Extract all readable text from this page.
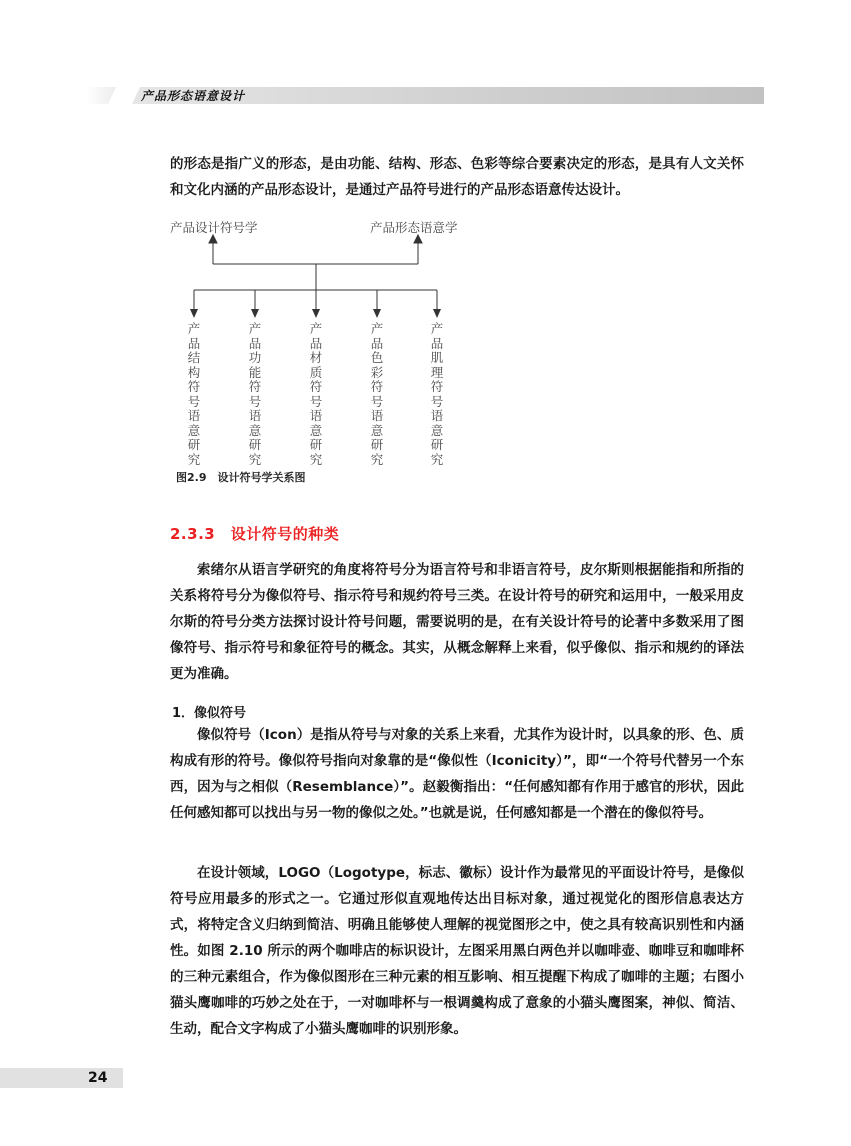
产品形态语意设计

的形态是指广义的形态，是由功能、结构、形态、色彩等综合要素决定的形态，是具有人文关怀和文化内涵的产品形态设计，是通过产品符号进行的产品形态语意传达设计。

产品设计符号学	产品形态语意学
产品结构符号语意研究
产品功能符号语意研究
产品材质符号语意研究
产品色彩符号语意研究
产品肌理符号语意研究
图2.9　设计符号学关系图
2.3.3　设计符号的种类

索绪尔从语言学研究的角度将符号分为语言符号和非语言符号，皮尔斯则根据能指和所指的关系将符号分为像似符号、指示符号和规约符号三类。在设计符号的研究和运用中，一般采用皮尔斯的符号分类方法探讨设计符号问题，需要说明的是，在有关设计符号的论著中多数采用了图像符号、指示符号和象征符号的概念。其实，从概念解释上来看，似乎像似、指示和规约的译法更为准确。

1．像似符号

像似符号（Icon）是指从符号与对象的关系上来看，尤其作为设计时，以具象的形、色、质构成有形的符号。像似符号指向对象靠的是“像似性（Iconicity）”，即“一个符号代替另一个东西，因为与之相似（Resemblance）”。赵毅衡指出：“任何感知都有作用于感官的形状，因此任何感知都可以找出与另一物的像似之处。”也就是说，任何感知都是一个潜在的像似符号。

在设计领域，LOGO（Logotype，标志、徽标）设计作为最常见的平面设计符号，是像似符号应用最多的形式之一。它通过形似直观地传达出目标对象，通过视觉化的图形信息表达方式，将特定含义归纳到简洁、明确且能够使人理解的视觉图形之中，使之具有较高识别性和内涵性。如图 2.10 所示的两个咖啡店的标识设计，左图采用黑白两色并以咖啡壶、咖啡豆和咖啡杯的三种元素组合，作为像似图形在三种元素的相互影响、相互提醒下构成了咖啡的主题；右图小猫头鹰咖啡的巧妙之处在于，一对咖啡杯与一根调羹构成了意象的小猫头鹰图案，神似、简洁、生动，配合文字构成了小猫头鹰咖啡的识别形象。

24
